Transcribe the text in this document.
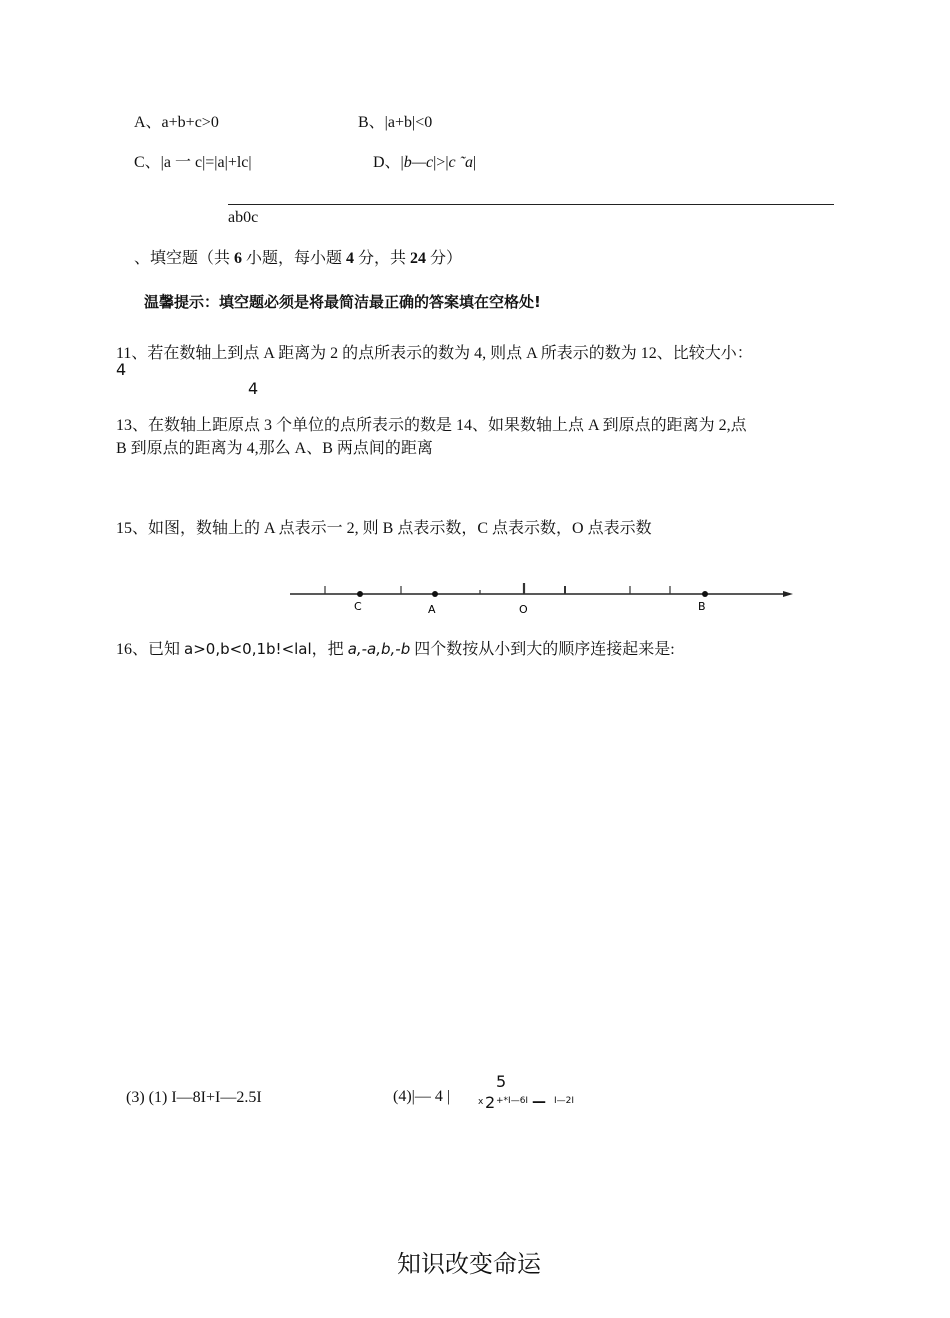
A、a+b+c>0	B、|a+b|<0
C、|a 一 c|=|a|+lc|	D、|b—c|>|c ˜a|
ab0c
、填空题（共 6 小题，每小题 4 分，共 24 分）
温馨提示：填空题必须是将最简洁最正确的答案填在空格处!
11、若在数轴上到点 A 距离为 2 的点所表示的数为 4, 则点 A 所表示的数为 12、比较大小：
4
4
13、在数轴上距原点 3 个单位的点所表示的数是 14、如果数轴上点 A 到原点的距离为 2,点
B 到原点的距离为 4,那么 A、B 两点间的距离
15、如图，数轴上的 A 点表示一 2, 则 B 点表示数，C 点表示数，O 点表示数
C	A	O	B
16、已知 a>0,b<0,1b!<lal，把 a,-a,b,-b 四个数按从小到大的顺序连接起来是:
(3) (1) I—8I+I—2.5I	(4)|— 4 |
5
x 2 +*I—6I — I—2I
知识改变命运
